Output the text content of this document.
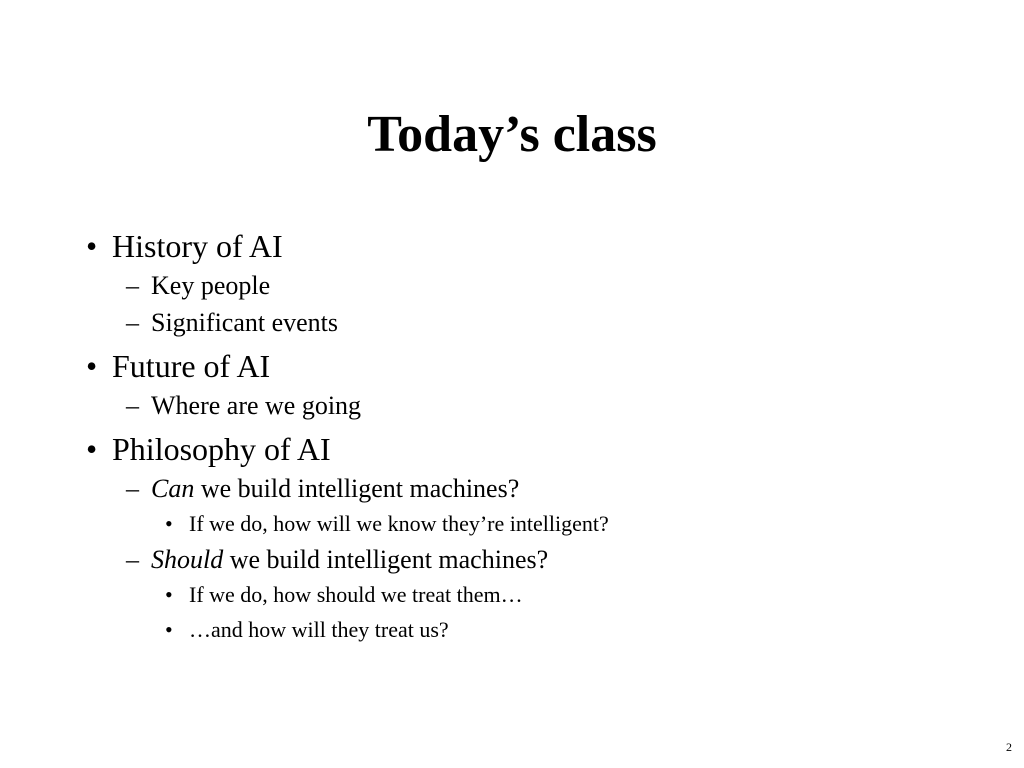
Today’s class
• History of AI
– Key people
– Significant events
• Future of AI
– Where are we going
• Philosophy of AI
– Can we build intelligent machines?
• If we do, how will we know they’re intelligent?
– Should we build intelligent machines?
• If we do, how should we treat them…
• …and how will they treat us?
2
